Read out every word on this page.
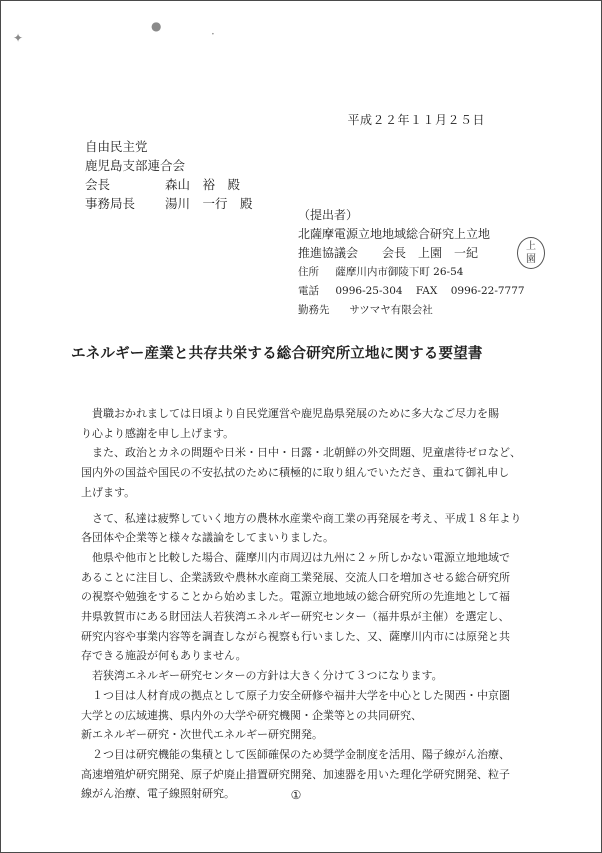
✦
●
·
平成２２年１１月２５日
自由民主党
鹿児島支部連合会
会長	森山　裕　殿
事務局長	湯川　一行　殿
（提出者）
北薩摩電源立地地域総合研究上立地
推進協議会　　会長　上園　一紀
住所 薩摩川内市御陵下町 26-54
電話 0996-25-304 FAX 0996-22-7777
勤務先 サツマヤ有限会社
上
園
エネルギー産業と共存共栄する総合研究所立地に関する要望書

貴職おかれましては日頃より自民党運営や鹿児島県発展のために多大なご尽力を賜
り心より感謝を申し上げます。

また、政治とカネの問題や日米・日中・日露・北朝鮮の外交問題、児童虐待ゼロなど、
国内外の国益や国民の不安払拭のために積極的に取り組んでいただき、重ねて御礼申し
上げます。

さて、私達は疲弊していく地方の農林水産業や商工業の再発展を考え、平成１８年より
各団体や企業等と様々な議論をしてまいりました。

他県や他市と比較した場合、薩摩川内市周辺は九州に２ヶ所しかない電源立地地域で
あることに注目し、企業誘致や農林水産商工業発展、交流人口を増加させる総合研究所
の視察や勉強をすることから始めました。電源立地地域の総合研究所の先進地として福
井県敦賀市にある財団法人若狭湾エネルギー研究センター（福井県が主催）を選定し、
研究内容や事業内容等を調査しながら視察も行いました、又、薩摩川内市には原発と共
存できる施設が何もありません。

若狭湾エネルギー研究センターの方針は大きく分けて３つになります。

１つ目は人材育成の拠点として原子力安全研修や福井大学を中心とした関西・中京圏
大学との広域連携、県内外の大学や研究機関・企業等との共同研究、
新エネルギー研究・次世代エネルギー研究開発。

２つ目は研究機能の集積として医師確保のため奨学金制度を活用、陽子線がん治療、
高速増殖炉研究開発、原子炉廃止措置研究開発、加速器を用いた理化学研究開発、粒子
線がん治療、電子線照射研究。	①
